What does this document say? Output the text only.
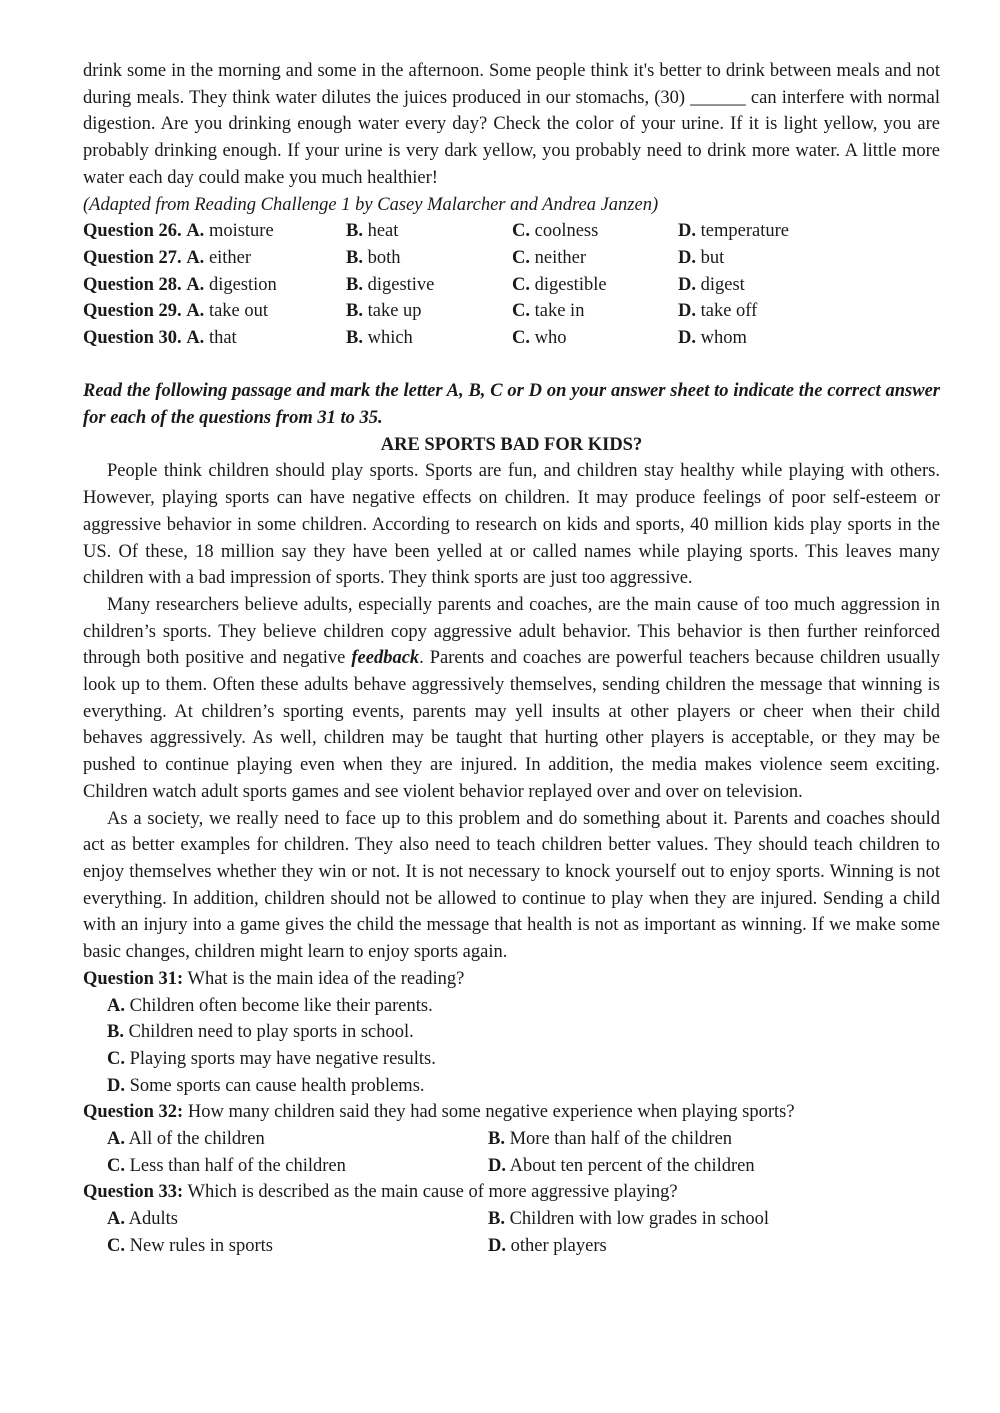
drink some in the morning and some in the afternoon. Some people think it's better to drink between meals and not during meals. They think water dilutes the juices produced in our stomachs, (30) ______ can interfere with normal digestion. Are you drinking enough water every day? Check the color of your urine. If it is light yellow, you are probably drinking enough. If your urine is very dark yellow, you probably need to drink more water. A little more water each day could make you much healthier!

(Adapted from Reading Challenge 1 by Casey Malarcher and Andrea Janzen)

Question 26. A. moisture	B. heat	C. coolness	D. temperature
Question 27. A. either	B. both	C. neither	D. but
Question 28. A. digestion	B. digestive	C. digestible	D. digest
Question 29. A. take out	B. take up	C. take in	D. take off
Question 30. A. that	B. which	C. who	D. whom

Read the following passage and mark the letter A, B, C or D on your answer sheet to indicate the correct answer for each of the questions from 31 to 35.

ARE SPORTS BAD FOR KIDS?

People think children should play sports. Sports are fun, and children stay healthy while playing with others. However, playing sports can have negative effects on children. It may produce feelings of poor self-esteem or aggressive behavior in some children. According to research on kids and sports, 40 million kids play sports in the US. Of these, 18 million say they have been yelled at or called names while playing sports. This leaves many children with a bad impression of sports. They think sports are just too aggressive.

Many researchers believe adults, especially parents and coaches, are the main cause of too much aggression in children’s sports. They believe children copy aggressive adult behavior. This behavior is then further reinforced through both positive and negative feedback. Parents and coaches are powerful teachers because children usually look up to them. Often these adults behave aggressively themselves, sending children the message that winning is everything. At children’s sporting events, parents may yell insults at other players or cheer when their child behaves aggressively. As well, children may be taught that hurting other players is acceptable, or they may be pushed to continue playing even when they are injured. In addition, the media makes violence seem exciting. Children watch adult sports games and see violent behavior replayed over and over on television.

As a society, we really need to face up to this problem and do something about it. Parents and coaches should act as better examples for children. They also need to teach children better values. They should teach children to enjoy themselves whether they win or not. It is not necessary to knock yourself out to enjoy sports. Winning is not everything. In addition, children should not be allowed to continue to play when they are injured. Sending a child with an injury into a game gives the child the message that health is not as important as winning. If we make some basic changes, children might learn to enjoy sports again.

Question 31: What is the main idea of the reading?

A. Children often become like their parents.

B. Children need to play sports in school.

C. Playing sports may have negative results.

D. Some sports can cause health problems.

Question 32: How many children said they had some negative experience when playing sports?

A. All of the children	B. More than half of the children
C. Less than half of the children	D. About ten percent of the children

Question 33: Which is described as the main cause of more aggressive playing?

A. Adults	B. Children with low grades in school
C. New rules in sports	D. other players
